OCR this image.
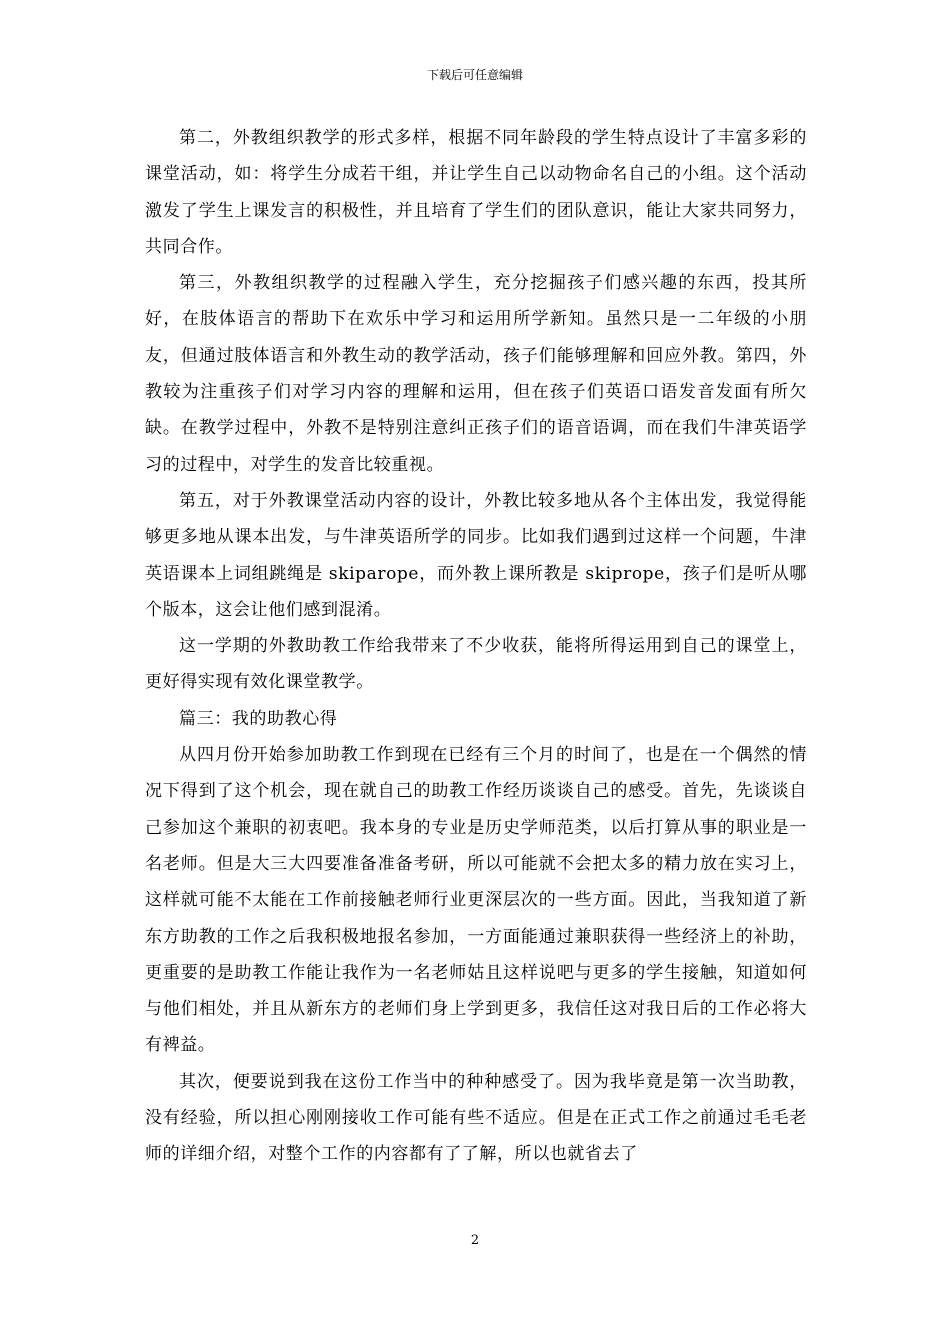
下载后可任意编辑

第二，外教组织教学的形式多样，根据不同年龄段的学生特点设计了丰富多彩的课堂活动，如：将学生分成若干组，并让学生自己以动物命名自己的小组。这个活动激发了学生上课发言的积极性，并且培育了学生们的团队意识，能让大家共同努力，共同合作。

第三，外教组织教学的过程融入学生，充分挖掘孩子们感兴趣的东西，投其所好，在肢体语言的帮助下在欢乐中学习和运用所学新知。虽然只是一二年级的小朋友，但通过肢体语言和外教生动的教学活动，孩子们能够理解和回应外教。第四，外教较为注重孩子们对学习内容的理解和运用，但在孩子们英语口语发音发面有所欠缺。在教学过程中，外教不是特别注意纠正孩子们的语音语调，而在我们牛津英语学习的过程中，对学生的发音比较重视。

第五，对于外教课堂活动内容的设计，外教比较多地从各个主体出发，我觉得能够更多地从课本出发，与牛津英语所学的同步。比如我们遇到过这样一个问题，牛津英语课本上词组跳绳是 skiparope，而外教上课所教是 skiprope，孩子们是听从哪个版本，这会让他们感到混淆。

这一学期的外教助教工作给我带来了不少收获，能将所得运用到自己的课堂上，更好得实现有效化课堂教学。

篇三：我的助教心得

从四月份开始参加助教工作到现在已经有三个月的时间了，也是在一个偶然的情况下得到了这个机会，现在就自己的助教工作经历谈谈自己的感受。首先，先谈谈自己参加这个兼职的初衷吧。我本身的专业是历史学师范类，以后打算从事的职业是一名老师。但是大三大四要准备准备考研，所以可能就不会把太多的精力放在实习上，这样就可能不太能在工作前接触老师行业更深层次的一些方面。因此，当我知道了新东方助教的工作之后我积极地报名参加，一方面能通过兼职获得一些经济上的补助，更重要的是助教工作能让我作为一名老师姑且这样说吧与更多的学生接触，知道如何与他们相处，并且从新东方的老师们身上学到更多，我信任这对我日后的工作必将大有裨益。

其次，便要说到我在这份工作当中的种种感受了。因为我毕竟是第一次当助教，没有经验，所以担心刚刚接收工作可能有些不适应。但是在正式工作之前通过毛毛老师的详细介绍，对整个工作的内容都有了了解，所以也就省去了

2
